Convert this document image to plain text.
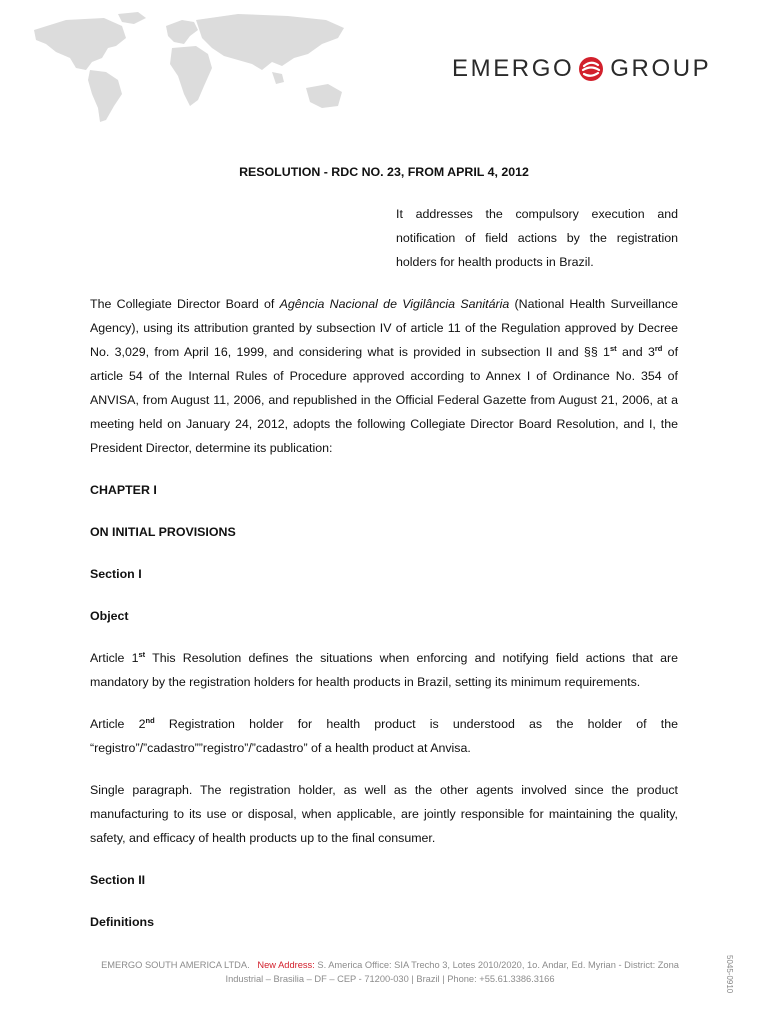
EMERGO GROUP

RESOLUTION - RDC NO. 23, FROM APRIL 4, 2012

It addresses the compulsory execution and notification of field actions by the registration holders for health products in Brazil.

The Collegiate Director Board of Agência Nacional de Vigilância Sanitária (National Health Surveillance Agency), using its attribution granted by subsection IV of article 11 of the Regulation approved by Decree No. 3,029, from April 16, 1999, and considering what is provided in subsection II and §§ 1st and 3rd of article 54 of the Internal Rules of Procedure approved according to Annex I of Ordinance No. 354 of ANVISA, from August 11, 2006, and republished in the Official Federal Gazette from August 21, 2006, at a meeting held on January 24, 2012, adopts the following Collegiate Director Board Resolution, and I, the President Director, determine its publication:

CHAPTER I

ON INITIAL PROVISIONS

Section I

Object

Article 1st This Resolution defines the situations when enforcing and notifying field actions that are mandatory by the registration holders for health products in Brazil, setting its minimum requirements.

Article 2nd Registration holder for health product is understood as the holder of the “registro”/”cadastro””registro”/”cadastro” of a health product at Anvisa.

Single paragraph. The registration holder, as well as the other agents involved since the product manufacturing to its use or disposal, when applicable, are jointly responsible for maintaining the quality, safety, and efficacy of health products up to the final consumer.

Section II

Definitions

5045-0910
EMERGO SOUTH AMERICA LTDA. New Address: S. America Office: SIA Trecho 3, Lotes 2010/2020, 1o. Andar, Ed. Myrian - District: Zona
Industrial – Brasilia – DF – CEP - 71200-030 | Brazil | Phone: +55.61.3386.3166
